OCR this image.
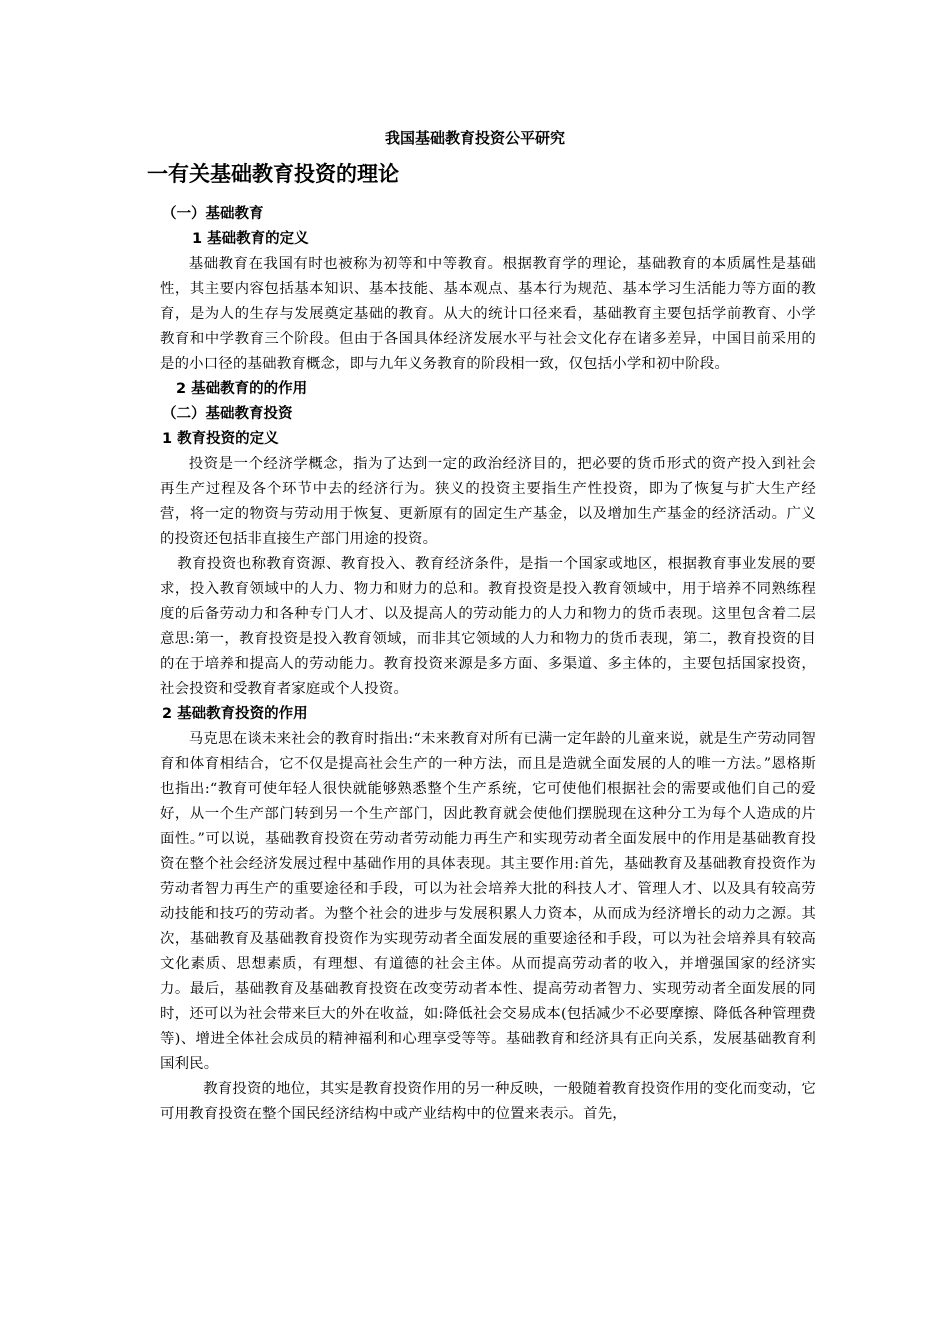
我国基础教育投资公平研究
一有关基础教育投资的理论
（一）基础教育
1 基础教育的定义

基础教育在我国有时也被称为初等和中等教育。根据教育学的理论，基础教育的本质属性是基础性，其主要内容包括基本知识、基本技能、基本观点、基本行为规范、基本学习生活能力等方面的教育，是为人的生存与发展奠定基础的教育。从大的统计口径来看，基础教育主要包括学前教育、小学教育和中学教育三个阶段。但由于各国具体经济发展水平与社会文化存在诸多差异，中国目前采用的是的小口径的基础教育概念，即与九年义务教育的阶段相一致，仅包括小学和初中阶段。

2 基础教育的的作用
（二）基础教育投资
1 教育投资的定义

投资是一个经济学概念，指为了达到一定的政治经济目的，把必要的货币形式的资产投入到社会再生产过程及各个环节中去的经济行为。狭义的投资主要指生产性投资，即为了恢复与扩大生产经营，将一定的物资与劳动用于恢复、更新原有的固定生产基金，以及增加生产基金的经济活动。广义的投资还包括非直接生产部门用途的投资。

教育投资也称教育资源、教育投入、教育经济条件，是指一个国家或地区，根据教育事业发展的要求，投入教育领域中的人力、物力和财力的总和。教育投资是投入教育领域中，用于培养不同熟练程度的后备劳动力和各种专门人才、以及提高人的劳动能力的人力和物力的货币表现。这里包含着二层意思:第一，教育投资是投入教育领域，而非其它领域的人力和物力的货币表现，第二，教育投资的目的在于培养和提高人的劳动能力。教育投资来源是多方面、多渠道、多主体的，主要包括国家投资，社会投资和受教育者家庭或个人投资。

2 基础教育投资的作用

马克思在谈未来社会的教育时指出:“未来教育对所有已满一定年龄的儿童来说，就是生产劳动同智育和体育相结合，它不仅是提高社会生产的一种方法，而且是造就全面发展的人的唯一方法。”恩格斯也指出:“教育可使年轻人很快就能够熟悉整个生产系统，它可使他们根据社会的需要或他们自己的爱好，从一个生产部门转到另一个生产部门，因此教育就会使他们摆脱现在这种分工为每个人造成的片面性。”可以说，基础教育投资在劳动者劳动能力再生产和实现劳动者全面发展中的作用是基础教育投资在整个社会经济发展过程中基础作用的具体表现。其主要作用:首先，基础教育及基础教育投资作为劳动者智力再生产的重要途径和手段，可以为社会培养大批的科技人才、管理人才、以及具有较高劳动技能和技巧的劳动者。为整个社会的进步与发展积累人力资本，从而成为经济增长的动力之源。其次，基础教育及基础教育投资作为实现劳动者全面发展的重要途径和手段，可以为社会培养具有较高文化素质、思想素质，有理想、有道德的社会主体。从而提高劳动者的收入，并增强国家的经济实力。最后，基础教育及基础教育投资在改变劳动者本性、提高劳动者智力、实现劳动者全面发展的同时，还可以为社会带来巨大的外在收益，如:降低社会交易成本(包括减少不必要摩擦、降低各种管理费等)、增进全体社会成员的精神福利和心理享受等等。基础教育和经济具有正向关系，发展基础教育利国利民。

教育投资的地位，其实是教育投资作用的另一种反映，一般随着教育投资作用的变化而变动，它可用教育投资在整个国民经济结构中或产业结构中的位置来表示。首先，
